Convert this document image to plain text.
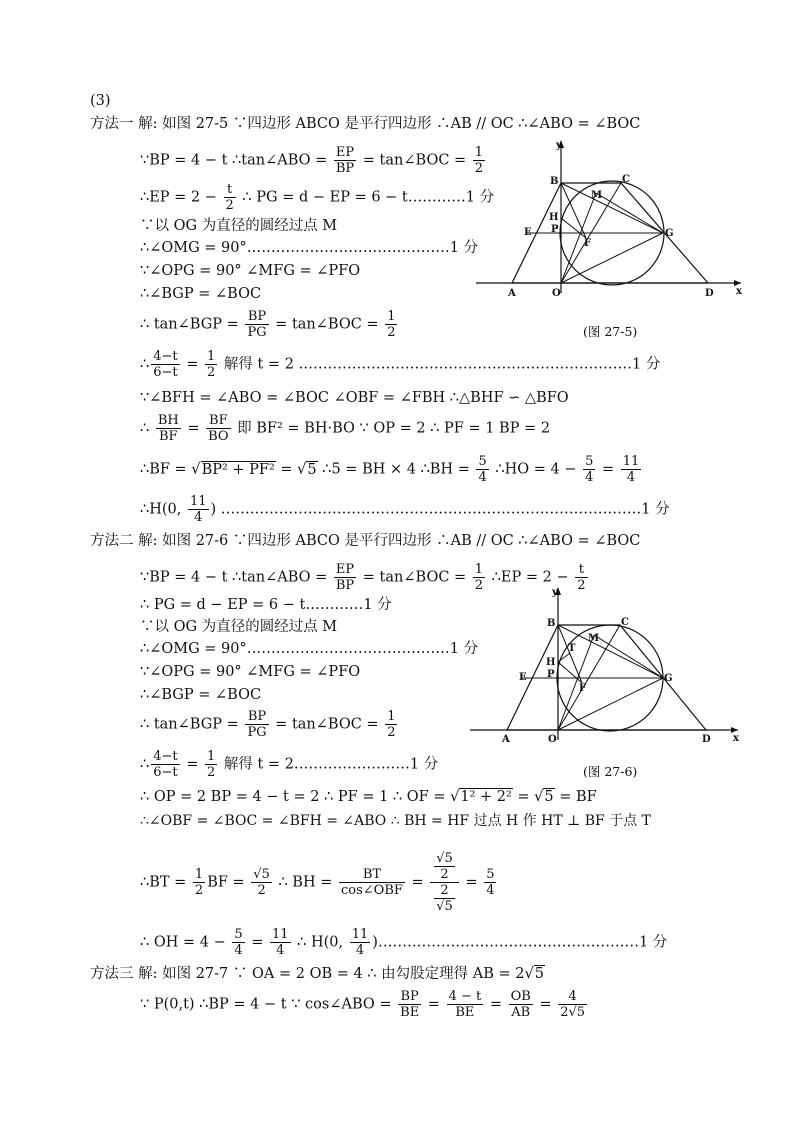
(3)
方法一 解: 如图 27-5 ∵四边形 ABCO 是平行四边形 ∴AB // OC ∴∠ABO = ∠BOC
∵BP = 4 − t ∴tan∠ABO = $\frac{EP}{BP}$ = tan∠BOC = $\frac{1}{2}$
∴EP = $2 - \frac{t}{2}$ ∴ PG = d − EP = 6 − t…………1 分
∵以 OG 为直径的圆经过点 M
∴∠OMG = 90°……………………………………1 分
∵∠OPG = 90° ∠MFG = ∠PFO
∴∠BGP = ∠BOC
∴ tan∠BGP = $\frac{BP}{PG}$ = tan∠BOC = $\frac{1}{2}$
∴ $\frac{4-t}{6-t} = \frac{1}{2}$ 解得 t = 2 ……………………………………………………………1 分
∵∠BFH = ∠ABO = ∠BOC ∠OBF = ∠FBH ∴△BHF ∽ △BFO
∴ $\frac{BH}{BF} = \frac{BF}{BO}$ 即 BF² = BH·BO ∵ OP = 2 ∴ PF = 1 BP = 2
∴BF = √BP² + PF² = √5 ∴5 = BH × 4 ∴BH = $\frac{5}{4}$ ∴HO = $4 - \frac{5}{4} = \frac{11}{4}$
∴H(0, $\frac{11}{4}$ ) ……………………………………………………………………………1 分
y
B	C
M
E P
H
F
G
A	O	D x
(图 27-5)
方法二 解: 如图 27-6 ∵四边形 ABCO 是平行四边形 ∴AB // OC ∴∠ABO = ∠BOC
∵BP = 4 − t ∴tan∠ABO = $\frac{EP}{BP}$ = tan∠BOC = $\frac{1}{2}$ ∴EP = $2 - \frac{t}{2}$
∴ PG = d − EP = 6 − t…………1 分
∵以 OG 为直径的圆经过点 M
∴∠OMG = 90°……………………………………1 分
∵∠OPG = 90° ∠MFG = ∠PFO
∴∠BGP = ∠BOC
∴ tan∠BGP = $\frac{BP}{PG}$ = tan∠BOC = $\frac{1}{2}$
∴ $\frac{4-t}{6-t} = \frac{1}{2}$ 解得 t = 2……………………1 分
∴ OP = 2 BP = 4 − t = 2 ∴ PF = 1 ∴ OF = √1² + 2² = √5 = BF
∴∠OBF = ∠BOC = ∠BFH = ∠ABO ∴ BH = HF 过点 H 作 HT ⊥ BF 于点 T
∴BT = $\frac{1}{2}$ BF = $\frac{√5}{2}$ ∴ BH = $\frac{BT}{\text{cos∠OBF}} = \frac{\frac{√5}{2}}{\frac{2}{√5}} = \frac{5}{4}$
∴ OH = $4 - \frac{5}{4} = \frac{11}{4}$ ∴ H(0, $\frac{11}{4}$ )………………………………………………1 分
y
B	C
M
E P
H
T
F
G
A	O	D x
(图 27-6)
方法三 解: 如图 27-7 ∵ OA = 2 OB = 4 ∴ 由勾股定理得 AB = 2√5
∵ P(0,t) ∴BP = 4 − t ∵ cos∠ABO = $\frac{BP}{BE} = \frac{4 - t}{BE} = \frac{OB}{AB} = \frac{4}{2√5}$
